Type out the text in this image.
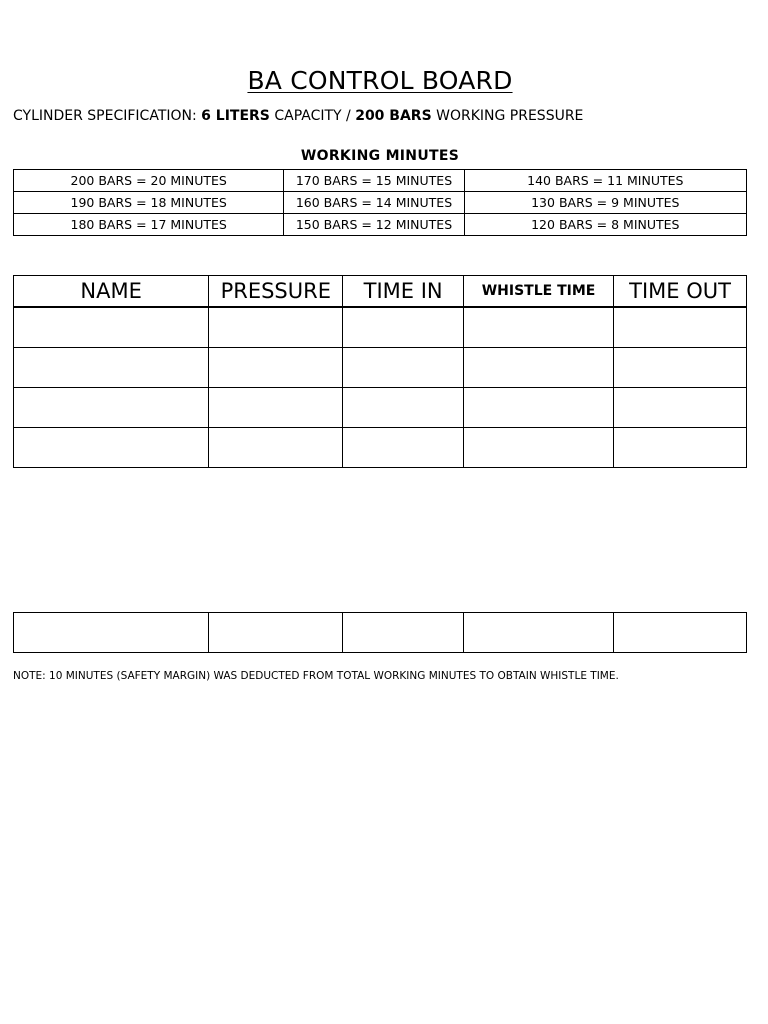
BA CONTROL BOARD
CYLINDER SPECIFICATION: 6 LITERS CAPACITY / 200 BARS WORKING PRESSURE
WORKING MINUTES
200 BARS = 20 MINUTES	170 BARS = 15 MINUTES	140 BARS = 11 MINUTES
190 BARS = 18 MINUTES	160 BARS = 14 MINUTES	130 BARS = 9 MINUTES
180 BARS = 17 MINUTES	150 BARS = 12 MINUTES	120 BARS = 8 MINUTES
NAME	PRESSURE	TIME IN	WHISTLE TIME	TIME OUT

NOTE: 10 MINUTES (SAFETY MARGIN) WAS DEDUCTED FROM TOTAL WORKING MINUTES TO OBTAIN WHISTLE TIME.
